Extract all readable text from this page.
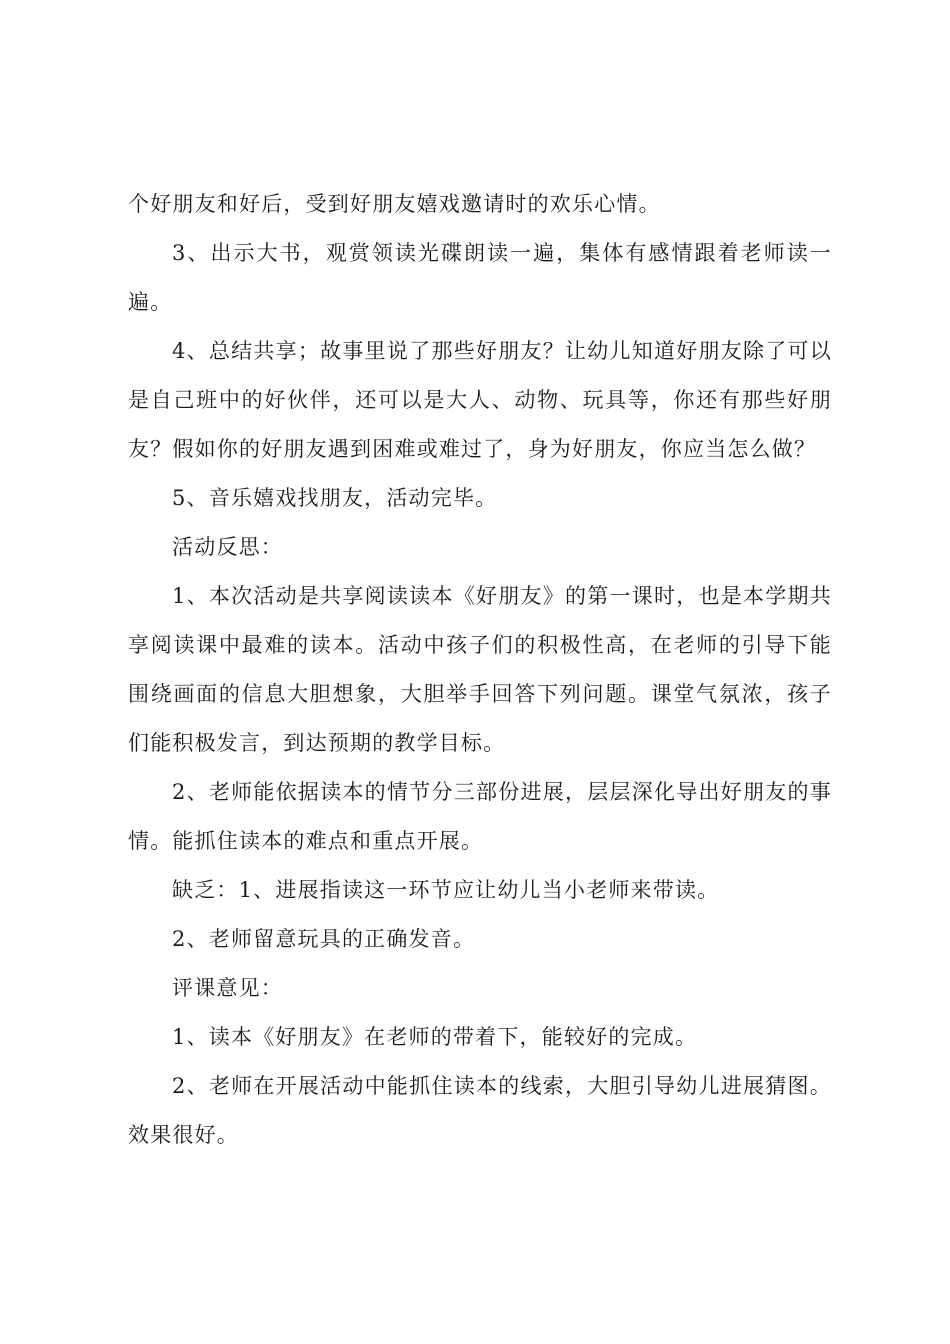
个好朋友和好后，受到好朋友嬉戏邀请时的欢乐心情。

3、出示大书，观赏领读光碟朗读一遍，集体有感情跟着老师读一遍。

4、总结共享；故事里说了那些好朋友？让幼儿知道好朋友除了可以是自己班中的好伙伴，还可以是大人、动物、玩具等，你还有那些好朋友？假如你的好朋友遇到困难或难过了，身为好朋友，你应当怎么做？

5、音乐嬉戏找朋友，活动完毕。

活动反思：

1、本次活动是共享阅读读本《好朋友》的第一课时，也是本学期共享阅读课中最难的读本。活动中孩子们的积极性高，在老师的引导下能围绕画面的信息大胆想象，大胆举手回答下列问题。课堂气氛浓，孩子们能积极发言，到达预期的教学目标。

2、老师能依据读本的情节分三部份进展，层层深化导出好朋友的事情。能抓住读本的难点和重点开展。

缺乏：1、进展指读这一环节应让幼儿当小老师来带读。

2、老师留意玩具的正确发音。

评课意见：

1、读本《好朋友》在老师的带着下，能较好的完成。

2、老师在开展活动中能抓住读本的线索，大胆引导幼儿进展猜图。效果很好。
